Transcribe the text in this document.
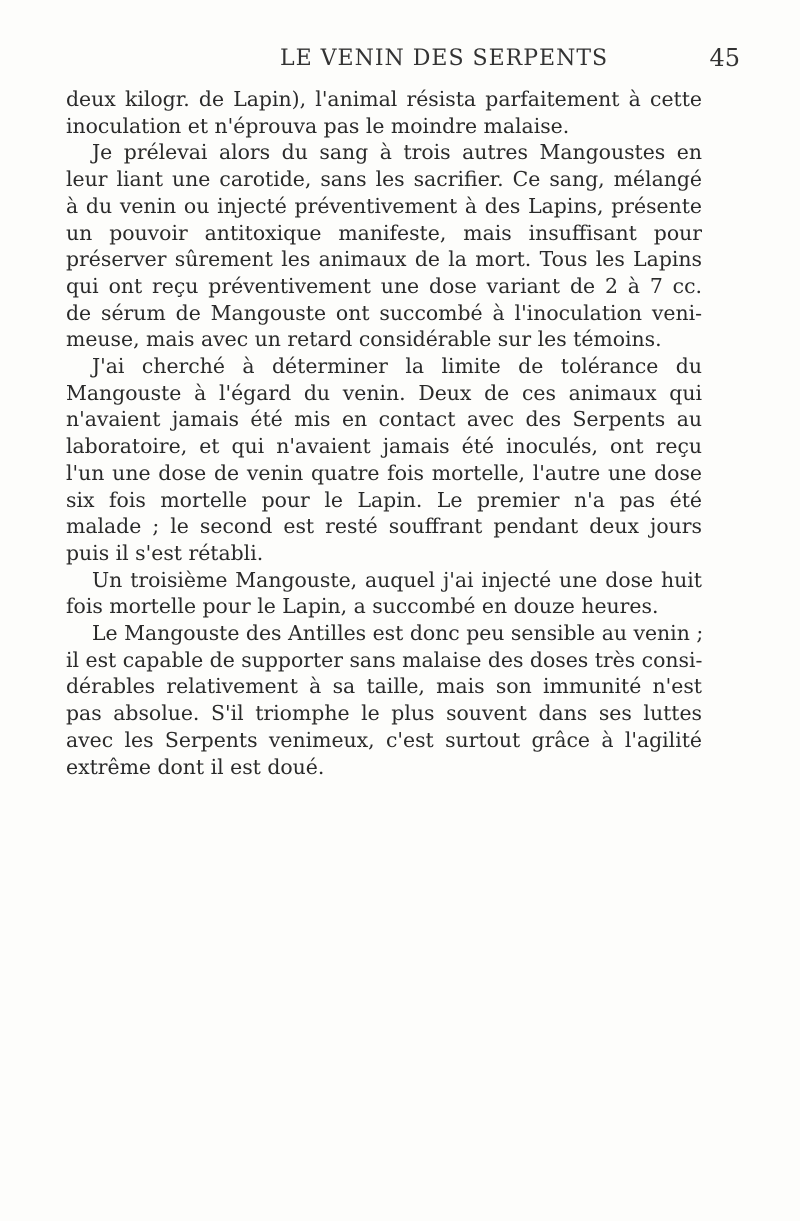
LE VENIN DES SERPENTS	45
deux kilogr. de Lapin), l'animal résista parfaitement à cette
inoculation et n'éprouva pas le moindre malaise.
Je prélevai alors du sang à trois autres Mangoustes en
leur liant une carotide, sans les sacrifier. Ce sang, mélangé
à du venin ou injecté préventivement à des Lapins, présente
un pouvoir antitoxique manifeste, mais insuffisant pour
préserver sûrement les animaux de la mort. Tous les Lapins
qui ont reçu préventivement une dose variant de 2 à 7 cc.
de sérum de Mangouste ont succombé à l'inoculation veni-
meuse, mais avec un retard considérable sur les témoins.
J'ai cherché à déterminer la limite de tolérance du
Mangouste à l'égard du venin. Deux de ces animaux qui
n'avaient jamais été mis en contact avec des Serpents au
laboratoire, et qui n'avaient jamais été inoculés, ont reçu
l'un une dose de venin quatre fois mortelle, l'autre une dose
six fois mortelle pour le Lapin. Le premier n'a pas été
malade ; le second est resté souffrant pendant deux jours
puis il s'est rétabli.
Un troisième Mangouste, auquel j'ai injecté une dose huit
fois mortelle pour le Lapin, a succombé en douze heures.
Le Mangouste des Antilles est donc peu sensible au venin ;
il est capable de supporter sans malaise des doses très consi-
dérables relativement à sa taille, mais son immunité n'est
pas absolue. S'il triomphe le plus souvent dans ses luttes
avec les Serpents venimeux, c'est surtout grâce à l'agilité
extrême dont il est doué.
